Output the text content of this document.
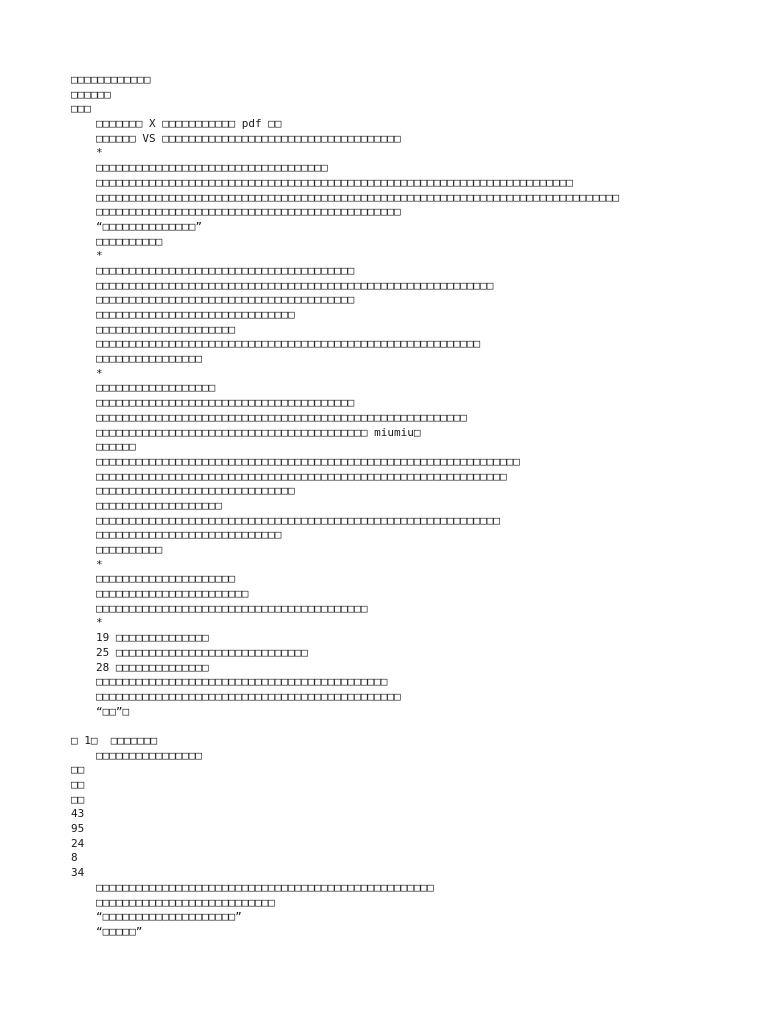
□□□□□□□□□□□□
□□□□□□
□□□
□□□□□□□ X □□□□□□□□□□□ pdf □□
□□□□□□ VS □□□□□□□□□□□□□□□□□□□□□□□□□□□□□□□□□□□□
*
□□□□□□□□□□□□□□□□□□□□□□□□□□□□□□□□□□□
□□□□□□□□□□□□□□□□□□□□□□□□□□□□□□□□□□□□□□□□□□□□□□□□□□□□□□□□□□□□□□□□□□□□□□□□
□□□□□□□□□□□□□□□□□□□□□□□□□□□□□□□□□□□□□□□□□□□□□□□□□□□□□□□□□□□□□□□□□□□□□□□□□□□□□□□
□□□□□□□□□□□□□□□□□□□□□□□□□□□□□□□□□□□□□□□□□□□□□□
“□□□□□□□□□□□□□□”
□□□□□□□□□□
*
□□□□□□□□□□□□□□□□□□□□□□□□□□□□□□□□□□□□□□□
□□□□□□□□□□□□□□□□□□□□□□□□□□□□□□□□□□□□□□□□□□□□□□□□□□□□□□□□□□□□
□□□□□□□□□□□□□□□□□□□□□□□□□□□□□□□□□□□□□□□
□□□□□□□□□□□□□□□□□□□□□□□□□□□□□□
□□□□□□□□□□□□□□□□□□□□□
□□□□□□□□□□□□□□□□□□□□□□□□□□□□□□□□□□□□□□□□□□□□□□□□□□□□□□□□□□
□□□□□□□□□□□□□□□□
*
□□□□□□□□□□□□□□□□□□
□□□□□□□□□□□□□□□□□□□□□□□□□□□□□□□□□□□□□□□
□□□□□□□□□□□□□□□□□□□□□□□□□□□□□□□□□□□□□□□□□□□□□□□□□□□□□□□□
□□□□□□□□□□□□□□□□□□□□□□□□□□□□□□□□□□□□□□□□□ miumiu□
□□□□□□
□□□□□□□□□□□□□□□□□□□□□□□□□□□□□□□□□□□□□□□□□□□□□□□□□□□□□□□□□□□□□□□□
□□□□□□□□□□□□□□□□□□□□□□□□□□□□□□□□□□□□□□□□□□□□□□□□□□□□□□□□□□□□□□
□□□□□□□□□□□□□□□□□□□□□□□□□□□□□□
□□□□□□□□□□□□□□□□□□□
□□□□□□□□□□□□□□□□□□□□□□□□□□□□□□□□□□□□□□□□□□□□□□□□□□□□□□□□□□□□□
□□□□□□□□□□□□□□□□□□□□□□□□□□□□
□□□□□□□□□□
*
□□□□□□□□□□□□□□□□□□□□□
□□□□□□□□□□□□□□□□□□□□□□□
□□□□□□□□□□□□□□□□□□□□□□□□□□□□□□□□□□□□□□□□□
*
19 □□□□□□□□□□□□□□
25 □□□□□□□□□□□□□□□□□□□□□□□□□□□□□
28 □□□□□□□□□□□□□□
□□□□□□□□□□□□□□□□□□□□□□□□□□□□□□□□□□□□□□□□□□□□
□□□□□□□□□□□□□□□□□□□□□□□□□□□□□□□□□□□□□□□□□□□□□□
“□□”□
□ 1□  □□□□□□□
□□□□□□□□□□□□□□□□
□□
□□
□□
43
95
24
8
34
□□□□□□□□□□□□□□□□□□□□□□□□□□□□□□□□□□□□□□□□□□□□□□□□□□□
□□□□□□□□□□□□□□□□□□□□□□□□□□□
“□□□□□□□□□□□□□□□□□□□□”
“□□□□□”
